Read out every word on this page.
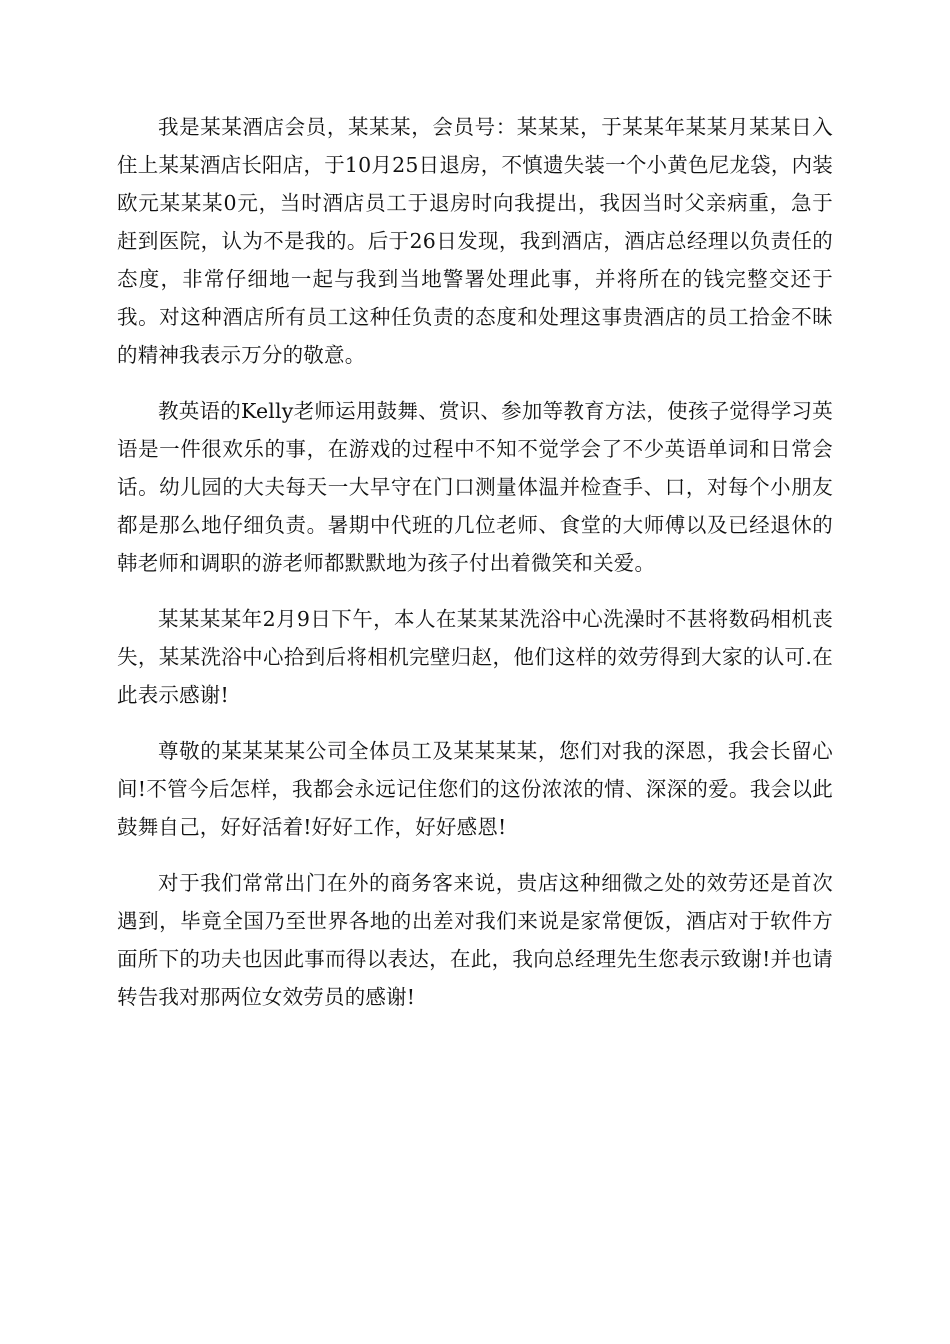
我是某某酒店会员，某某某，会员号：某某某，于某某年某某月某某日入住上某某酒店长阳店，于10月25日退房，不慎遗失装一个小黄色尼龙袋，内装欧元某某某0元，当时酒店员工于退房时向我提出，我因当时父亲病重，急于赶到医院，认为不是我的。后于26日发现，我到酒店，酒店总经理以负责任的态度，非常仔细地一起与我到当地警署处理此事，并将所在的钱完整交还于我。对这种酒店所有员工这种任负责的态度和处理这事贵酒店的员工拾金不昧的精神我表示万分的敬意。

教英语的Kelly老师运用鼓舞、赏识、参加等教育方法，使孩子觉得学习英语是一件很欢乐的事，在游戏的过程中不知不觉学会了不少英语单词和日常会话。幼儿园的大夫每天一大早守在门口测量体温并检查手、口，对每个小朋友都是那么地仔细负责。暑期中代班的几位老师、食堂的大师傅以及已经退休的韩老师和调职的游老师都默默地为孩子付出着微笑和关爱。

某某某某年2月9日下午，本人在某某某洗浴中心洗澡时不甚将数码相机丧失，某某洗浴中心拾到后将相机完壁归赵，他们这样的效劳得到大家的认可.在此表示感谢!

尊敬的某某某某公司全体员工及某某某某，您们对我的深恩，我会长留心间!不管今后怎样，我都会永远记住您们的这份浓浓的情、深深的爱。我会以此鼓舞自己，好好活着!好好工作，好好感恩!

对于我们常常出门在外的商务客来说，贵店这种细微之处的效劳还是首次遇到，毕竟全国乃至世界各地的出差对我们来说是家常便饭，酒店对于软件方面所下的功夫也因此事而得以表达，在此，我向总经理先生您表示致谢!并也请转告我对那两位女效劳员的感谢!
